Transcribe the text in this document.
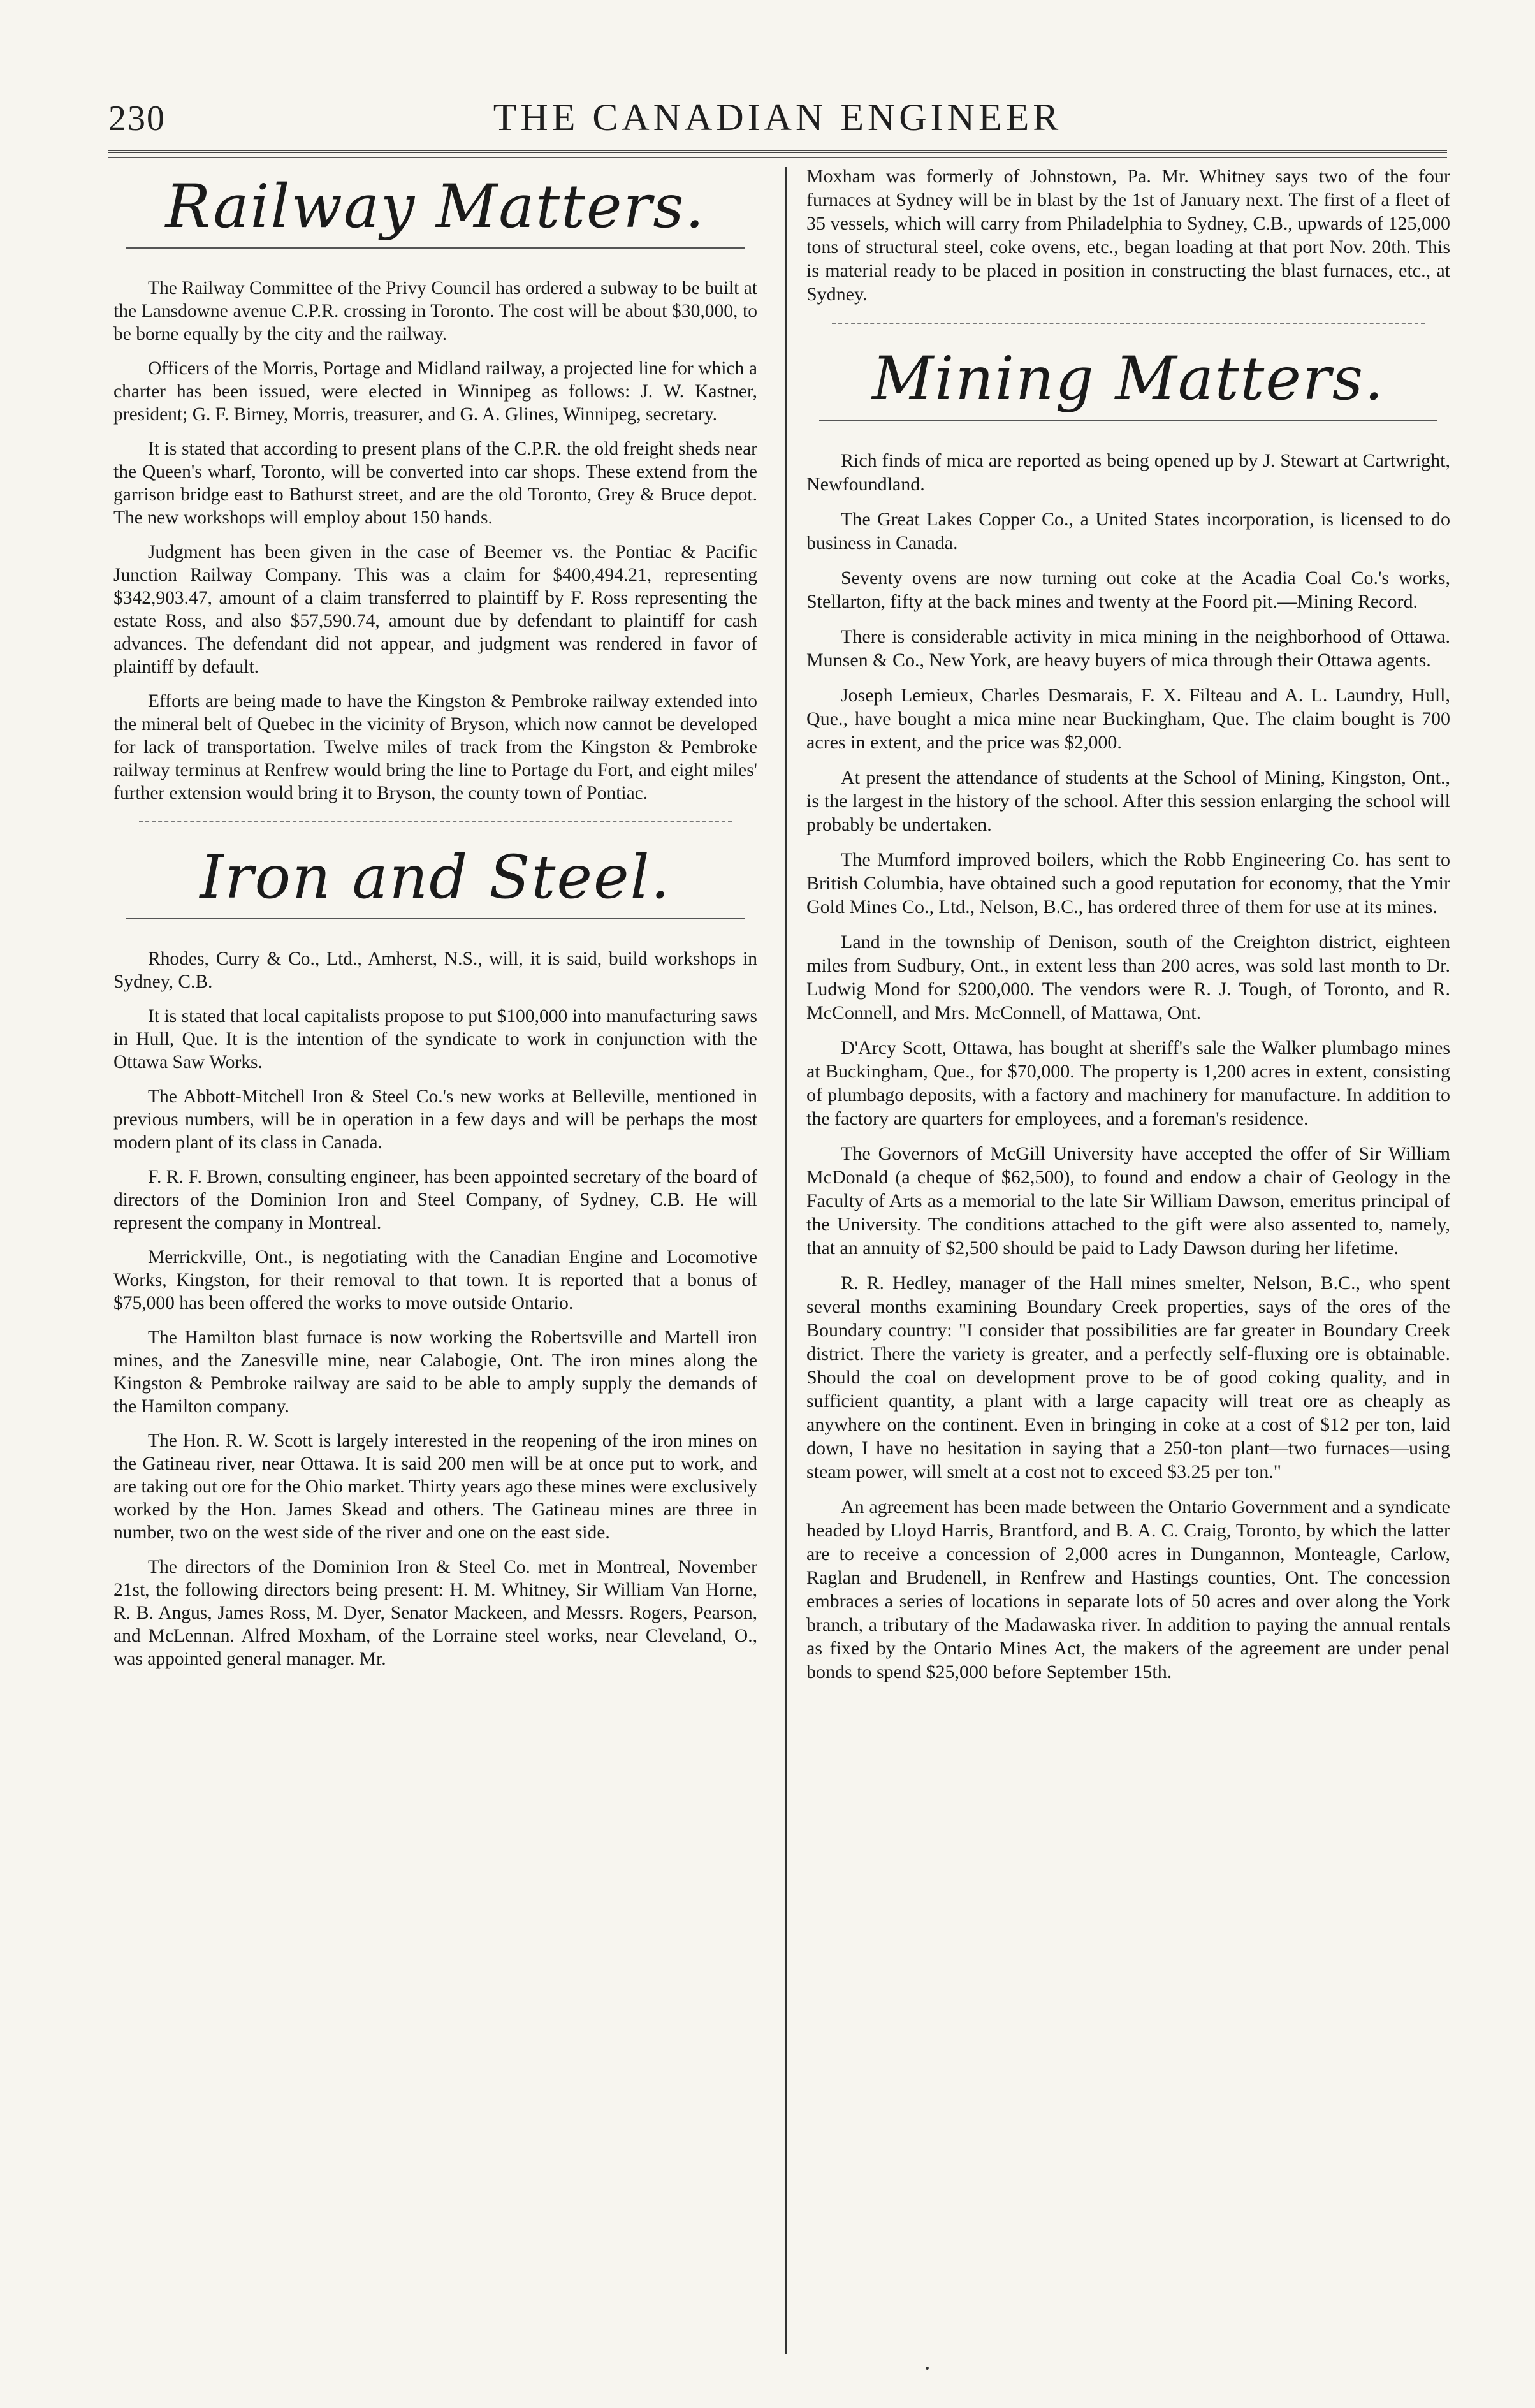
230	THE CANADIAN ENGINEER
Railway Matters.

The Railway Committee of the Privy Council has ordered a subway to be built at the Lansdowne avenue C.P.R. crossing in Toronto. The cost will be about $30,000, to be borne equally by the city and the railway.

Officers of the Morris, Portage and Midland railway, a projected line for which a charter has been issued, were elected in Winnipeg as follows: J. W. Kastner, president; G. F. Birney, Morris, treasurer, and G. A. Glines, Winnipeg, secretary.

It is stated that according to present plans of the C.P.R. the old freight sheds near the Queen's wharf, Toronto, will be converted into car shops. These extend from the garrison bridge east to Bathurst street, and are the old Toronto, Grey & Bruce depot. The new workshops will employ about 150 hands.

Judgment has been given in the case of Beemer vs. the Pontiac & Pacific Junction Railway Company. This was a claim for $400,494.21, representing $342,903.47, amount of a claim transferred to plaintiff by F. Ross representing the estate Ross, and also $57,590.74, amount due by defendant to plaintiff for cash advances. The defendant did not appear, and judgment was rendered in favor of plaintiff by default.

Efforts are being made to have the Kingston & Pembroke railway extended into the mineral belt of Quebec in the vicinity of Bryson, which now cannot be developed for lack of transportation. Twelve miles of track from the Kingston & Pembroke railway terminus at Renfrew would bring the line to Portage du Fort, and eight miles' further extension would bring it to Bryson, the county town of Pontiac.

Iron and Steel.

Rhodes, Curry & Co., Ltd., Amherst, N.S., will, it is said, build workshops in Sydney, C.B.

It is stated that local capitalists propose to put $100,000 into manufacturing saws in Hull, Que. It is the intention of the syndicate to work in conjunction with the Ottawa Saw Works.

The Abbott-Mitchell Iron & Steel Co.'s new works at Belleville, mentioned in previous numbers, will be in operation in a few days and will be perhaps the most modern plant of its class in Canada.

F. R. F. Brown, consulting engineer, has been appointed secretary of the board of directors of the Dominion Iron and Steel Company, of Sydney, C.B. He will represent the company in Montreal.

Merrickville, Ont., is negotiating with the Canadian Engine and Locomotive Works, Kingston, for their removal to that town. It is reported that a bonus of $75,000 has been offered the works to move outside Ontario.

The Hamilton blast furnace is now working the Robertsville and Martell iron mines, and the Zanesville mine, near Calabogie, Ont. The iron mines along the Kingston & Pembroke railway are said to be able to amply supply the demands of the Hamilton company.

The Hon. R. W. Scott is largely interested in the reopening of the iron mines on the Gatineau river, near Ottawa. It is said 200 men will be at once put to work, and are taking out ore for the Ohio market. Thirty years ago these mines were exclusively worked by the Hon. James Skead and others. The Gatineau mines are three in number, two on the west side of the river and one on the east side.

The directors of the Dominion Iron & Steel Co. met in Montreal, November 21st, the following directors being present: H. M. Whitney, Sir William Van Horne, R. B. Angus, James Ross, M. Dyer, Senator Mackeen, and Messrs. Rogers, Pearson, and McLennan. Alfred Moxham, of the Lorraine steel works, near Cleveland, O., was appointed general manager. Mr.

Moxham was formerly of Johnstown, Pa. Mr. Whitney says two of the four furnaces at Sydney will be in blast by the 1st of January next. The first of a fleet of 35 vessels, which will carry from Philadelphia to Sydney, C.B., upwards of 125,000 tons of structural steel, coke ovens, etc., began loading at that port Nov. 20th. This is material ready to be placed in position in constructing the blast furnaces, etc., at Sydney.

Mining Matters.

Rich finds of mica are reported as being opened up by J. Stewart at Cartwright, Newfoundland.

The Great Lakes Copper Co., a United States incorporation, is licensed to do business in Canada.

Seventy ovens are now turning out coke at the Acadia Coal Co.'s works, Stellarton, fifty at the back mines and twenty at the Foord pit.—Mining Record.

There is considerable activity in mica mining in the neighborhood of Ottawa. Munsen & Co., New York, are heavy buyers of mica through their Ottawa agents.

Joseph Lemieux, Charles Desmarais, F. X. Filteau and A. L. Laundry, Hull, Que., have bought a mica mine near Buckingham, Que. The claim bought is 700 acres in extent, and the price was $2,000.

At present the attendance of students at the School of Mining, Kingston, Ont., is the largest in the history of the school. After this session enlarging the school will probably be undertaken.

The Mumford improved boilers, which the Robb Engineering Co. has sent to British Columbia, have obtained such a good reputation for economy, that the Ymir Gold Mines Co., Ltd., Nelson, B.C., has ordered three of them for use at its mines.

Land in the township of Denison, south of the Creighton district, eighteen miles from Sudbury, Ont., in extent less than 200 acres, was sold last month to Dr. Ludwig Mond for $200,000. The vendors were R. J. Tough, of Toronto, and R. McConnell, and Mrs. McConnell, of Mattawa, Ont.

D'Arcy Scott, Ottawa, has bought at sheriff's sale the Walker plumbago mines at Buckingham, Que., for $70,000. The property is 1,200 acres in extent, consisting of plumbago deposits, with a factory and machinery for manufacture. In addition to the factory are quarters for employees, and a foreman's residence.

The Governors of McGill University have accepted the offer of Sir William McDonald (a cheque of $62,500), to found and endow a chair of Geology in the Faculty of Arts as a memorial to the late Sir William Dawson, emeritus principal of the University. The conditions attached to the gift were also assented to, namely, that an annuity of $2,500 should be paid to Lady Dawson during her lifetime.

R. R. Hedley, manager of the Hall mines smelter, Nelson, B.C., who spent several months examining Boundary Creek properties, says of the ores of the Boundary country: "I consider that possibilities are far greater in Boundary Creek district. There the variety is greater, and a perfectly self-fluxing ore is obtainable. Should the coal on development prove to be of good coking quality, and in sufficient quantity, a plant with a large capacity will treat ore as cheaply as anywhere on the continent. Even in bringing in coke at a cost of $12 per ton, laid down, I have no hesitation in saying that a 250-ton plant—two furnaces—using steam power, will smelt at a cost not to exceed $3.25 per ton."

An agreement has been made between the Ontario Government and a syndicate headed by Lloyd Harris, Brantford, and B. A. C. Craig, Toronto, by which the latter are to receive a concession of 2,000 acres in Dungannon, Monteagle, Carlow, Raglan and Brudenell, in Renfrew and Hastings counties, Ont. The concession embraces a series of locations in separate lots of 50 acres and over along the York branch, a tributary of the Madawaska river. In addition to paying the annual rentals as fixed by the Ontario Mines Act, the makers of the agreement are under penal bonds to spend $25,000 before September 15th.
